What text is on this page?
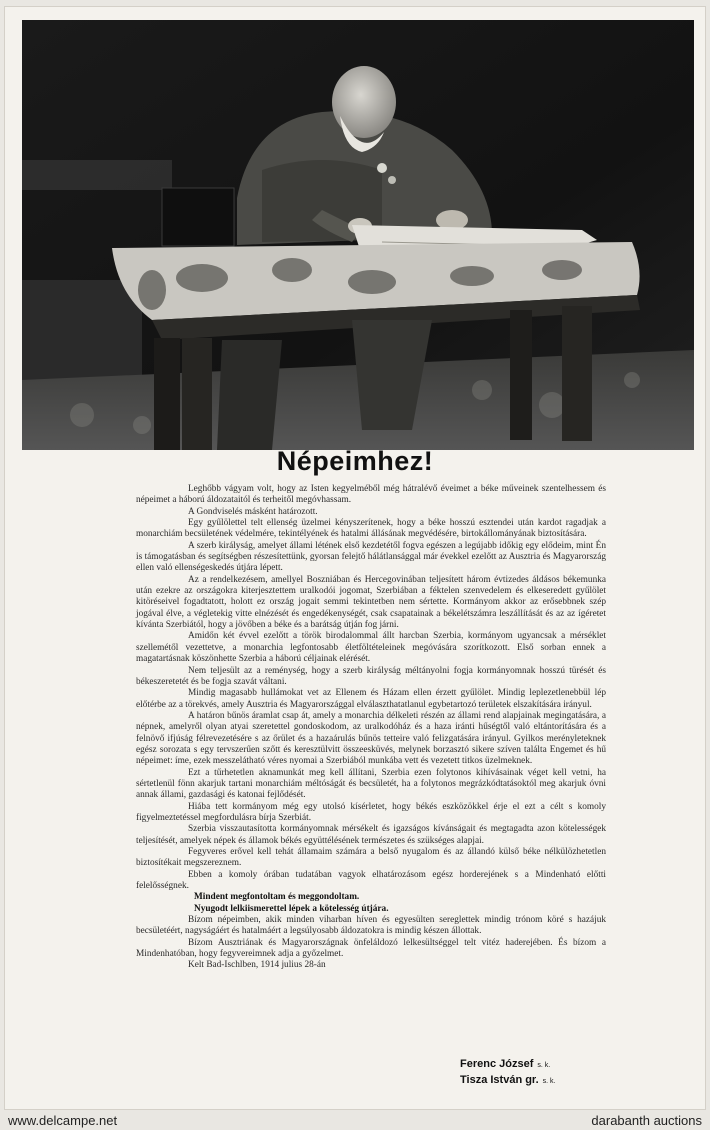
Népeimhez!

Leghőbb vágyam volt, hogy az Isten kegyelméből még hátralévő éveimet a béke műveinek szentelhessem és népeimet a háború áldozataitól és terheitől megóvhassam.

A Gondviselés másként határozott.

Egy gyűlölettel telt ellenség üzelmei kényszerítenek, hogy a béke hosszú esztendei után kardot ragadjak a monarchiám becsületének védelmére, tekintélyének és hatalmi állásának megvédésére, birtokállományának biztosítására.

A szerb királyság, amelyet állami létének első kezdetétől fogva egészen a legújabb időkig egy elődeim, mint Én is támogatásban és segítségben részesítettünk, gyorsan felejtő hálátlansággal már évekkel ezelőtt az Ausztria és Magyarország ellen való ellenségeskedés útjára lépett.

Az a rendelkezésem, amellyel Boszniában és Hercegovinában teljesített három évtizedes áldásos békemunka után ezekre az országokra kiterjesztettem uralkodói jogomat, Szerbiában a féktelen szenvedelem és elkeseredett gyűlölet kitöréseivel fogadtatott, holott ez ország jogait semmi tekintetben nem sértette. Kormányom akkor az erősebbnek szép jogával élve, a végletekig vitte elnézését és engedékenységét, csak csapatainak a békelétszámra leszállítását és az az ígéretet kívánta Szerbiától, hogy a jövőben a béke és a barátság útján fog járni.

Amidőn két évvel ezelőtt a török birodalommal állt harcban Szerbia, kormányom ugyancsak a mérséklet szellemétől vezettetve, a monarchia legfontosabb életföltételeinek megóvására szorítkozott. Első sorban ennek a magatartásnak köszönhette Szerbia a háború céljainak elérését.

Nem teljesült az a reménység, hogy a szerb királyság méltányolni fogja kormányomnak hosszú türését és békeszeretetét és be fogja szavát váltani.

Mindig magasabb hullámokat vet az Ellenem és Házam ellen érzett gyűlölet. Mindig leplezetlenebbül lép előtérbe az a törekvés, amely Ausztria és Magyarországgal elválaszthatatlanul egybetartozó területek elszakítására irányul.

A határon bűnös áramlat csap át, amely a monarchia délkeleti részén az állami rend alapjainak megingatására, a népnek, amelyről olyan atyai szeretettel gondoskodom, az uralkodóház és a haza iránti hűségtől való eltántorítására és a felnövő ifjúság félrevezetésére s az őrület és a hazaárulás bűnös tetteire való felizgatására irányul. Gyilkos merényleteknek egész sorozata s egy tervszerűen szőtt és keresztülvitt összeesküvés, melynek borzasztó sikere szíven találta Engemet és hű népeimet: íme, ezek messzelátható véres nyomai a Szerbiából munkába vett és vezetett titkos üzelmeknek.

Ezt a tűrhetetlen aknamunkát meg kell állítani, Szerbia ezen folytonos kihívásainak véget kell vetni, ha sértetlenül fönn akarjuk tartani monarchiám méltóságát és becsületét, ha a folytonos megrázkódtatásoktól meg akarjuk óvni annak állami, gazdasági és katonai fejlődését.

Hiába tett kormányom még egy utolsó kísérletet, hogy békés eszközökkel érje el ezt a célt s komoly figyelmeztetéssel megfordulásra bírja Szerbiát.

Szerbia visszautasította kormányomnak mérsékelt és igazságos kívánságait és megtagadta azon kötelességek teljesítését, amelyek népek és államok békés együttélésének természetes és szükséges alapjai.

Fegyveres erővel kell tehát államaim számára a belső nyugalom és az állandó külső béke nélkülözhetetlen biztosítékait megszereznem.

Ebben a komoly órában tudatában vagyok elhatározásom egész horderejének s a Mindenható előtti felelősségnek.

Mindent megfontoltam és meggondoltam.

Nyugodt lelkiismerettel lépek a kötelesség útjára.

Bízom népeimben, akik minden viharban híven és egyesülten sereglettek mindig trónom köré s hazájuk becsületéért, nagyságáért és hatalmáért a legsúlyosabb áldozatokra is mindig készen állottak.

Bízom Ausztriának és Magyarországnak önfeláldozó lelkesültséggel telt vitéz haderejében. És bízom a Mindenhatóban, hogy fegyvereimnek adja a győzelmet.

Kelt Bad-Ischlben, 1914 julius 28-án

Ferenc József s. k.
Tisza István gr. s. k.
www.delcampe.net	darabanth auctions
